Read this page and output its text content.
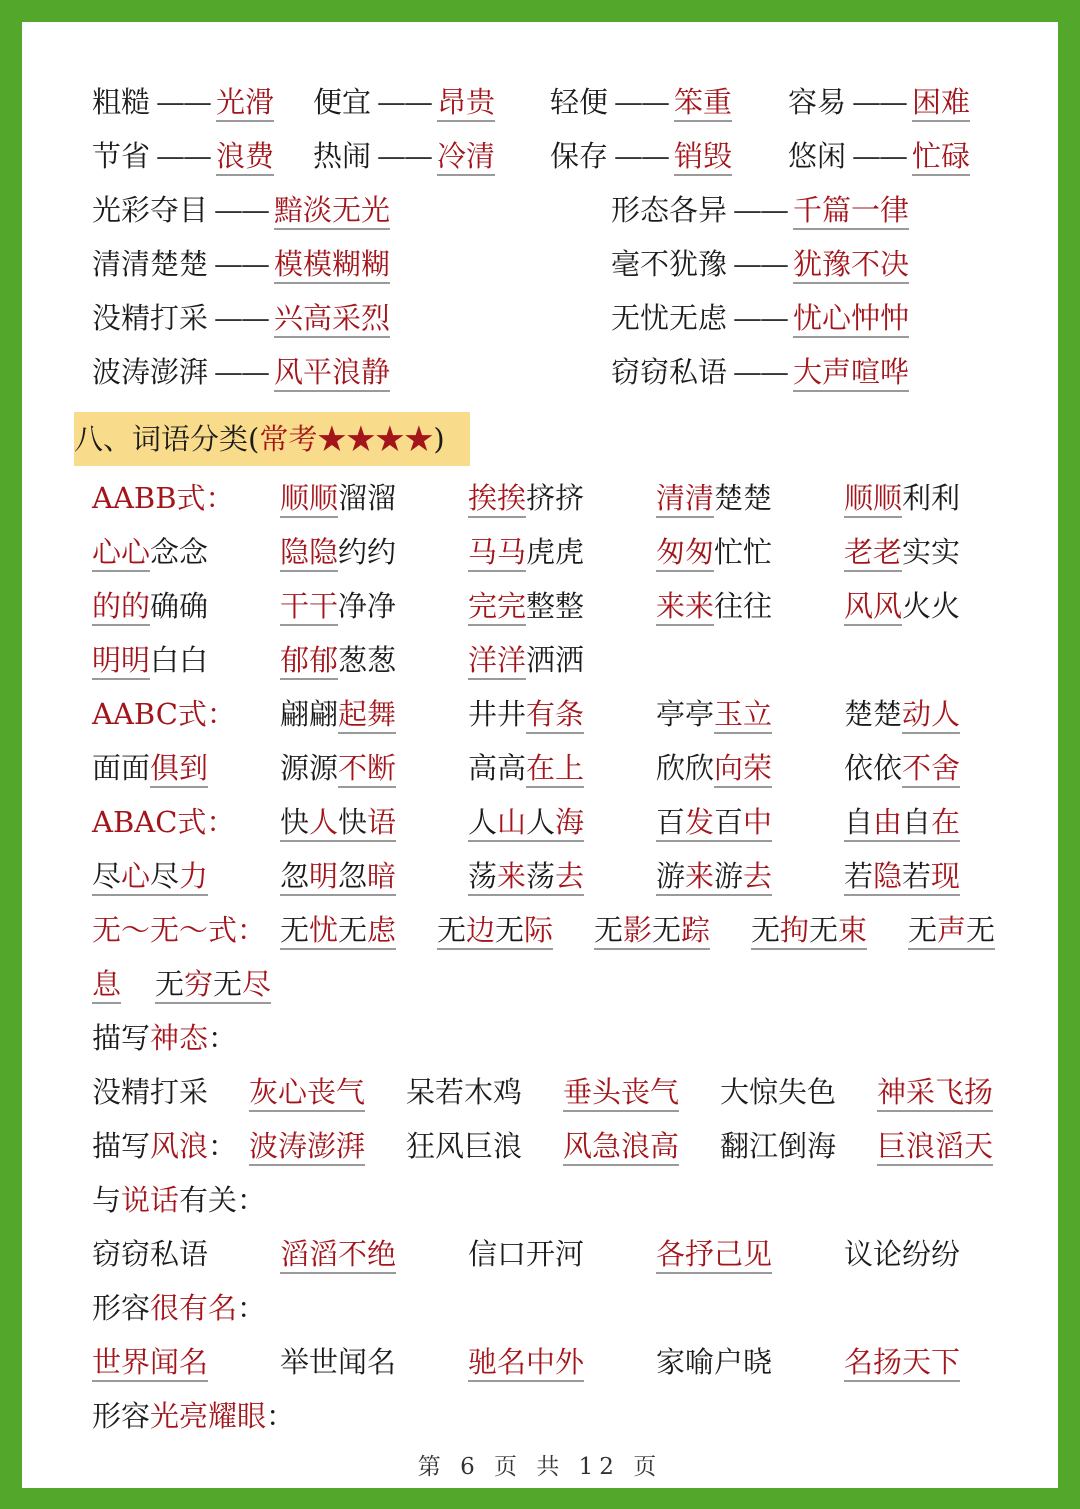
八、词语分类(常考★★★★)
第 6 页 共 12 页
粗糙 —— 光滑 便宜 —— 昂贵 轻便 —— 笨重 容易 —— 困难
节省 —— 浪费 热闹 —— 冷清 保存 —— 销毁 悠闲 —— 忙碌
光彩夺目 —— 黯淡无光	形态各异 —— 千篇一律
清清楚楚 —— 模模糊糊	毫不犹豫 —— 犹豫不决
没精打采 —— 兴高采烈	无忧无虑 —— 忧心忡忡
波涛澎湃 —— 风平浪静	窃窃私语 —— 大声喧哗
AABB式： 顺顺溜溜 挨挨挤挤 清清楚楚 顺顺利利
心心念念 隐隐约约 马马虎虎 匆匆忙忙 老老实实
的的确确 干干净净 完完整整 来来往往 风风火火
明明白白 郁郁葱葱 洋洋洒洒
AABC式： 翩翩起舞 井井有条 亭亭玉立 楚楚动人
面面俱到 源源不断 高高在上 欣欣向荣 依依不舍
ABAC式： 快人快语 人山人海 百发百中 自由自在
尽心尽力 忽明忽暗 荡来荡去 游来游去 若隐若现
无～无～式： 无忧无虑 无边无际 无影无踪 无拘无束 无声无
息 无穷无尽
描写神态：
没精打采 灰心丧气 呆若木鸡 垂头丧气 大惊失色 神采飞扬
描写风浪： 波涛澎湃 狂风巨浪 风急浪高 翻江倒海 巨浪滔天
与说话有关：
窃窃私语 滔滔不绝 信口开河 各抒己见 议论纷纷
形容很有名：
世界闻名 举世闻名 驰名中外 家喻户晓 名扬天下
形容光亮耀眼：
